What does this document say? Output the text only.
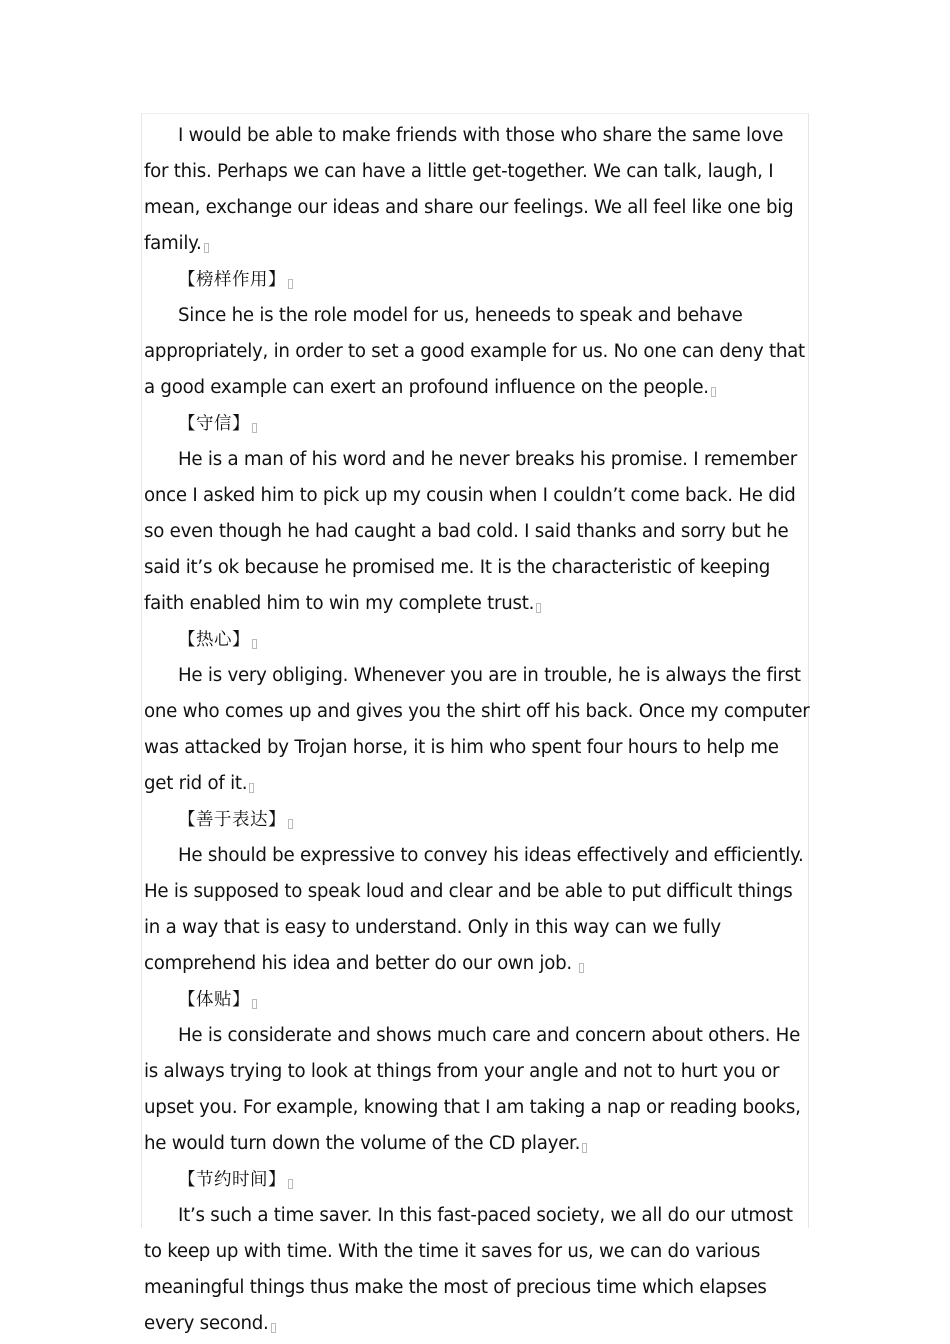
I would be able to make friends with those who share the same love for this. Perhaps we can have a little get-together. We can talk, laugh, I mean, exchange our ideas and share our feelings. We all feel like one big family.

【榜样作用】

Since he is the role model for us, heneeds to speak and behave appropriately, in order to set a good example for us. No one can deny that a good example can exert an profound influence on the people.

【守信】

He is a man of his word and he never breaks his promise. I remember once I asked him to pick up my cousin when I couldn’t come back. He did so even though he had caught a bad cold. I said thanks and sorry but he said it’s ok because he promised me. It is the characteristic of keeping faith enabled him to win my complete trust.

【热心】

He is very obliging. Whenever you are in trouble, he is always the first one who comes up and gives you the shirt off his back. Once my computer was attacked by Trojan horse, it is him who spent four hours to help me get rid of it.

【善于表达】

He should be expressive to convey his ideas effectively and efficiently. He is supposed to speak loud and clear and be able to put difficult things in a way that is easy to understand. Only in this way can we fully comprehend his idea and better do our own job.

【体贴】

He is considerate and shows much care and concern about others. He is always trying to look at things from your angle and not to hurt you or upset you. For example, knowing that I am taking a nap or reading books, he would turn down the volume of the CD player.

【节约时间】

It’s such a time saver. In this fast-paced society, we all do our utmost to keep up with time. With the time it saves for us, we can do various meaningful things thus make the most of precious time which elapses every second.
